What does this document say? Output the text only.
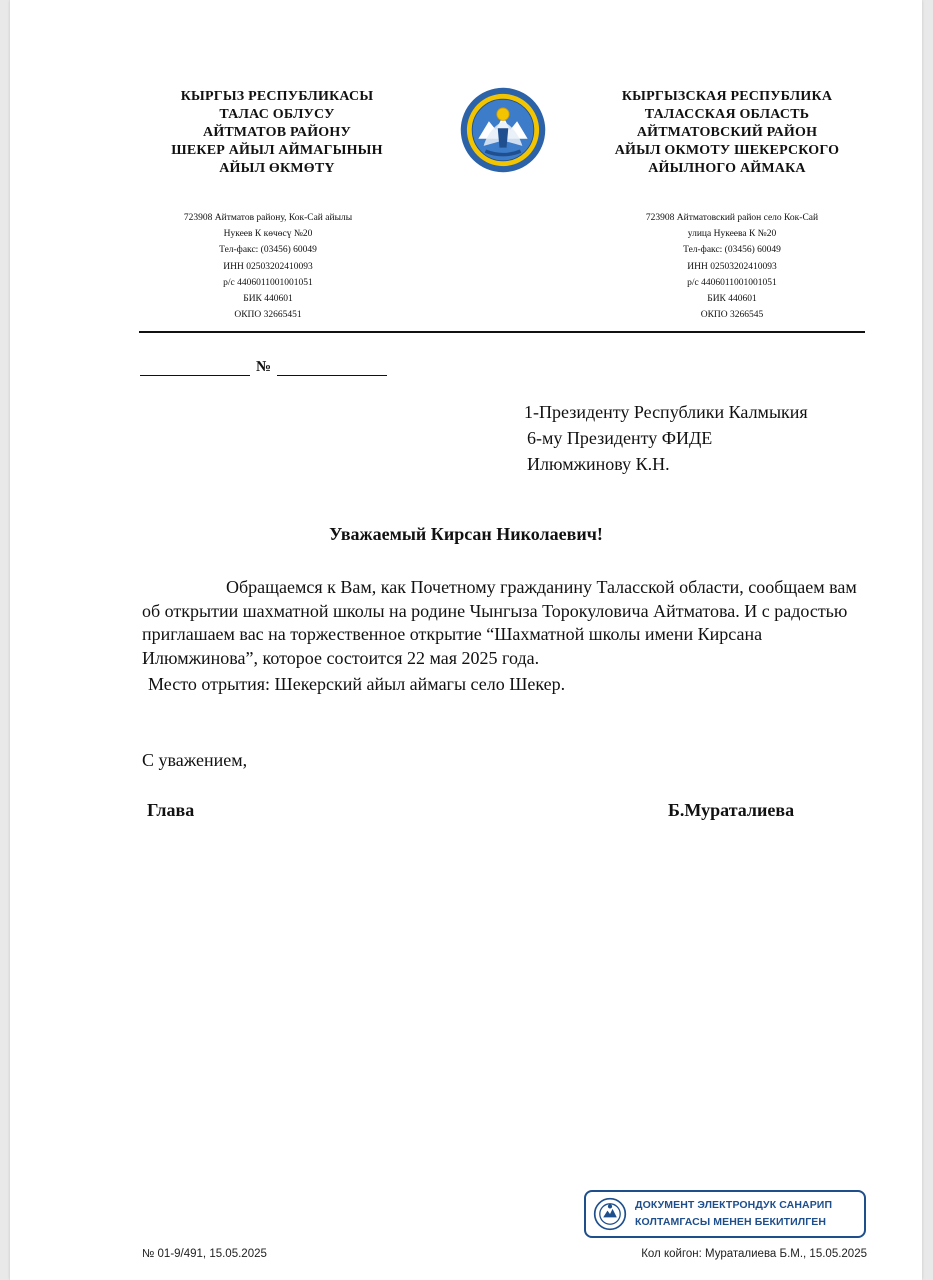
КЫРГЫЗ РЕСПУБЛИКАСЫ
ТАЛАС ОБЛУСУ
АЙТМАТОВ РАЙОНУ
ШЕКЕР АЙЫЛ АЙМАГЫНЫН
АЙЫЛ ӨКМӨТҮ
КЫРГЫЗСКАЯ РЕСПУБЛИКА
ТАЛАССКАЯ ОБЛАСТЬ
АЙТМАТОВСКИЙ РАЙОН
АЙЫЛ ОКМОТУ ШЕКЕРСКОГО
АЙЫЛНОГО АЙМАКА
723908 Айтматов району, Кок-Сай айылы
Нукеев К көчөсү №20
Тел-факс: (03456) 60049
ИНН 02503202410093
р/с 4406011001001051
БИК 440601
ОКПО 32665451
723908 Айтматовский район село Кок-Сай
улица Нукеева К №20
Тел-факс: (03456) 60049
ИНН 02503202410093
р/с 4406011001001051
БИК 440601
ОКПО 3266545
№
1-Президенту Республики Калмыкия
6-му Президенту ФИДЕ
Илюмжинову К.Н.
Уважаемый Кирсан Николаевич!

Обращаемся к Вам, как Почетному гражданину Таласской области, сообщаем вам об открытии шахматной школы на родине Чынгыза Торокуловича Айтматова. И с радостью приглашаем вас на торжественное открытие “Шахматной школы имени Кирсана Илюмжинова”, которое состоится 22 мая 2025 года.

Место отрытия: Шекерский айыл аймагы село Шекер.

С уважением,
Глава	Б.Мураталиева
ДОКУМЕНТ ЭЛЕКТРОНДУК САНАРИП
КОЛТАМГАСЫ МЕНЕН БЕКИТИЛГЕН
№ 01-9/491, 15.05.2025	Кол койгон: Мураталиева Б.М., 15.05.2025
